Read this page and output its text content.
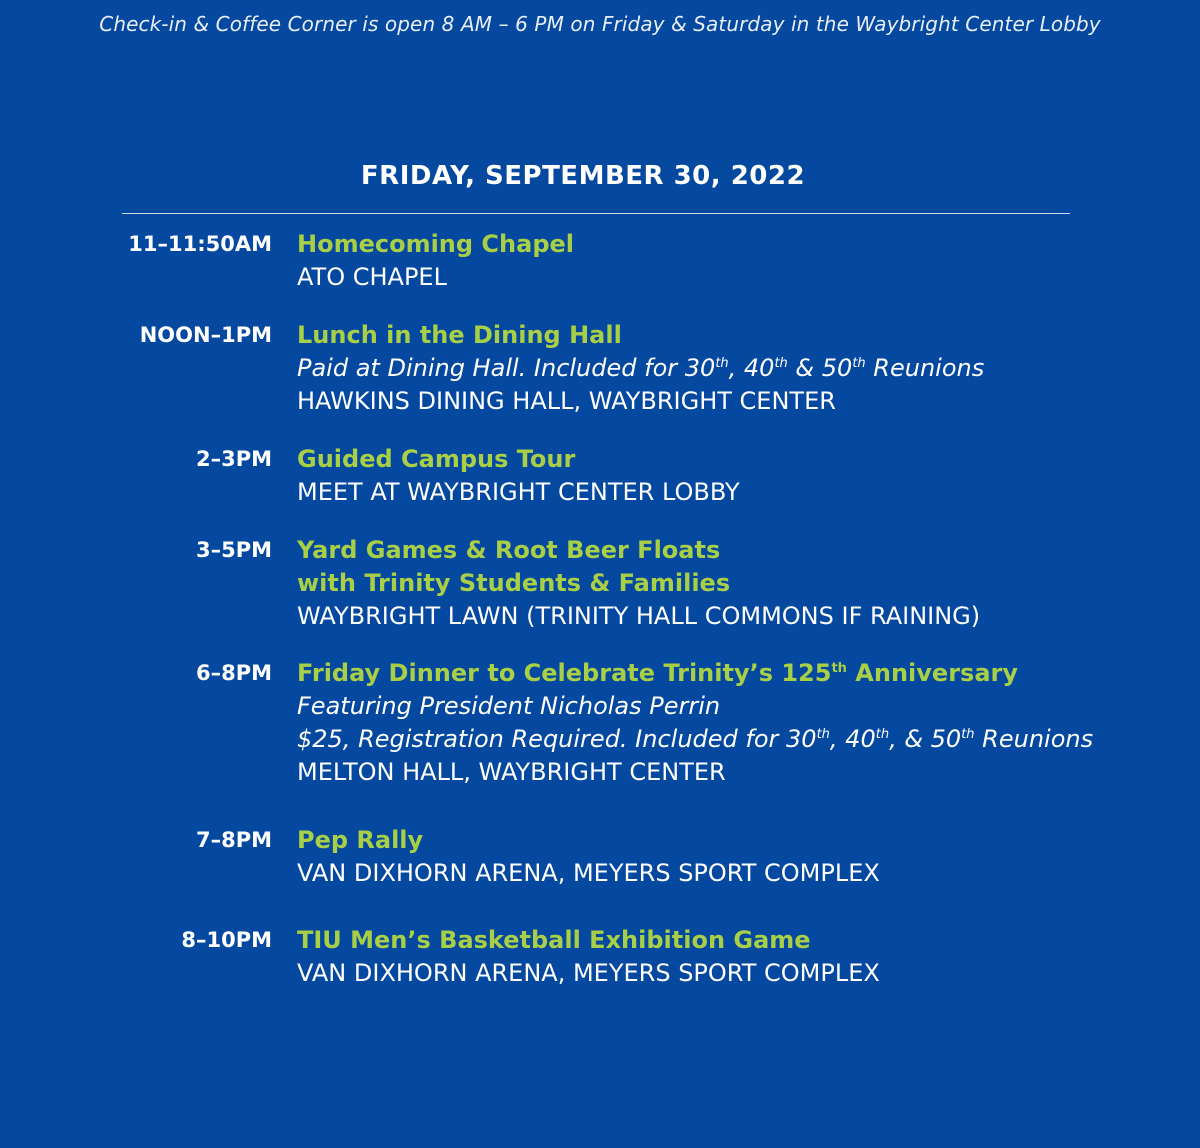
Check-in & Coffee Corner is open 8 AM – 6 PM on Friday & Saturday in the Waybright Center Lobby
FRIDAY, SEPTEMBER 30, 2022
11–11:50AM Homecoming Chapel
ATO CHAPEL
NOON–1PM Lunch in the Dining Hall
Paid at Dining Hall. Included for 30th, 40th & 50th Reunions
HAWKINS DINING HALL, WAYBRIGHT CENTER
2–3PM Guided Campus Tour
MEET AT WAYBRIGHT CENTER LOBBY
3–5PM Yard Games & Root Beer Floats
with Trinity Students & Families
WAYBRIGHT LAWN (TRINITY HALL COMMONS IF RAINING)
6–8PM Friday Dinner to Celebrate Trinity’s 125th Anniversary
Featuring President Nicholas Perrin
$25, Registration Required. Included for 30th, 40th, & 50th Reunions
MELTON HALL, WAYBRIGHT CENTER
7–8PM Pep Rally
VAN DIXHORN ARENA, MEYERS SPORT COMPLEX
8–10PM TIU Men’s Basketball Exhibition Game
VAN DIXHORN ARENA, MEYERS SPORT COMPLEX
